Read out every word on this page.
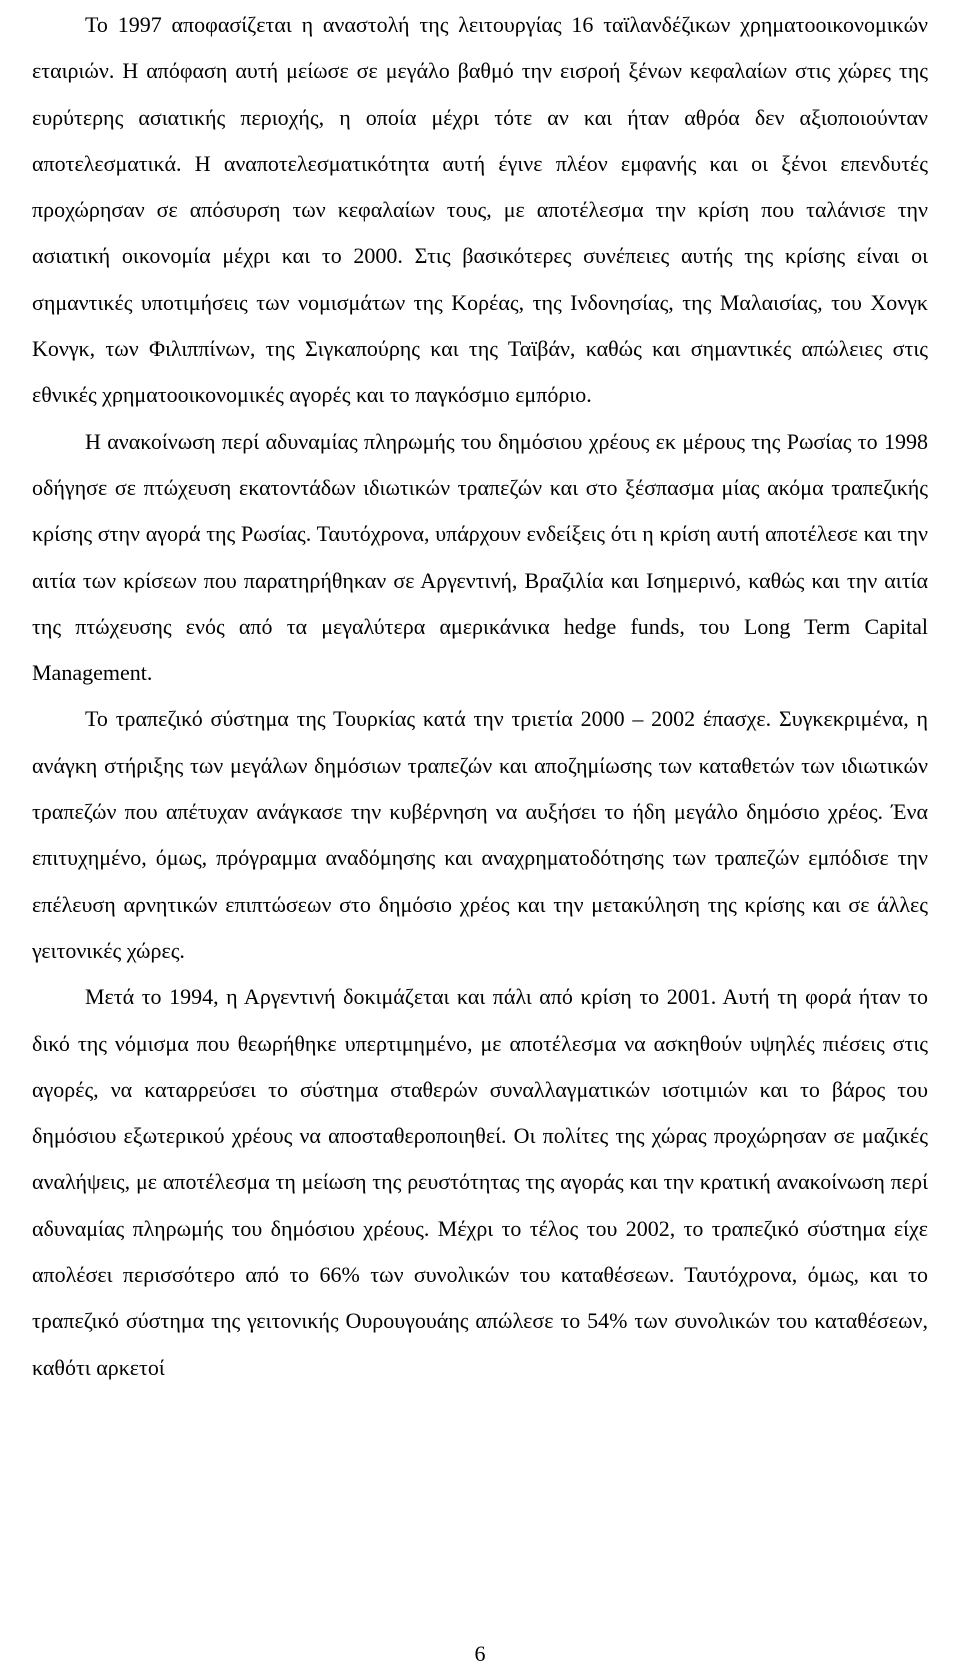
Το 1997 αποφασίζεται η αναστολή της λειτουργίας 16 ταϊλανδέζικων χρηματοοικονομικών εταιριών. Η απόφαση αυτή μείωσε σε μεγάλο βαθμό την εισροή ξένων κεφαλαίων στις χώρες της ευρύτερης ασιατικής περιοχής, η οποία μέχρι τότε αν και ήταν αθρόα δεν αξιοποιούνταν αποτελεσματικά. Η αναποτελεσματικότητα αυτή έγινε πλέον εμφανής και οι ξένοι επενδυτές προχώρησαν σε απόσυρση των κεφαλαίων τους, με αποτέλεσμα την κρίση που ταλάνισε την ασιατική οικονομία μέχρι και το 2000. Στις βασικότερες συνέπειες αυτής της κρίσης είναι οι σημαντικές υποτιμήσεις των νομισμάτων της Κορέας, της Ινδονησίας, της Μαλαισίας, του Χονγκ Κονγκ, των Φιλιππίνων, της Σιγκαπούρης και της Ταϊβάν, καθώς και σημαντικές απώλειες στις εθνικές χρηματοοικονομικές αγορές και το παγκόσμιο εμπόριο.

Η ανακοίνωση περί αδυναμίας πληρωμής του δημόσιου χρέους εκ μέρους της Ρωσίας το 1998 οδήγησε σε πτώχευση εκατοντάδων ιδιωτικών τραπεζών και στο ξέσπασμα μίας ακόμα τραπεζικής κρίσης στην αγορά της Ρωσίας. Ταυτόχρονα, υπάρχουν ενδείξεις ότι η κρίση αυτή αποτέλεσε και την αιτία των κρίσεων που παρατηρήθηκαν σε Αργεντινή, Βραζιλία και Ισημερινό, καθώς και την αιτία της πτώχευσης ενός από τα μεγαλύτερα αμερικάνικα hedge funds, του Long Term Capital Management.

Το τραπεζικό σύστημα της Τουρκίας κατά την τριετία 2000 – 2002 έπασχε. Συγκεκριμένα, η ανάγκη στήριξης των μεγάλων δημόσιων τραπεζών και αποζημίωσης των καταθετών των ιδιωτικών τραπεζών που απέτυχαν ανάγκασε την κυβέρνηση να αυξήσει το ήδη μεγάλο δημόσιο χρέος. Ένα επιτυχημένο, όμως, πρόγραμμα αναδόμησης και αναχρηματοδότησης των τραπεζών εμπόδισε την επέλευση αρνητικών επιπτώσεων στο δημόσιο χρέος και την μετακύληση της κρίσης και σε άλλες γειτονικές χώρες.

Μετά το 1994, η Αργεντινή δοκιμάζεται και πάλι από κρίση το 2001. Αυτή τη φορά ήταν το δικό της νόμισμα που θεωρήθηκε υπερτιμημένο, με αποτέλεσμα να ασκηθούν υψηλές πιέσεις στις αγορές, να καταρρεύσει το σύστημα σταθερών συναλλαγματικών ισοτιμιών και το βάρος του δημόσιου εξωτερικού χρέους να αποσταθεροποιηθεί. Οι πολίτες της χώρας προχώρησαν σε μαζικές αναλήψεις, με αποτέλεσμα τη μείωση της ρευστότητας της αγοράς και την κρατική ανακοίνωση περί αδυναμίας πληρωμής του δημόσιου χρέους. Μέχρι το τέλος του 2002, το τραπεζικό σύστημα είχε απολέσει περισσότερο από το 66% των συνολικών του καταθέσεων. Ταυτόχρονα, όμως, και το τραπεζικό σύστημα της γειτονικής Ουρουγουάης απώλεσε το 54% των συνολικών του καταθέσεων, καθότι αρκετοί

6
